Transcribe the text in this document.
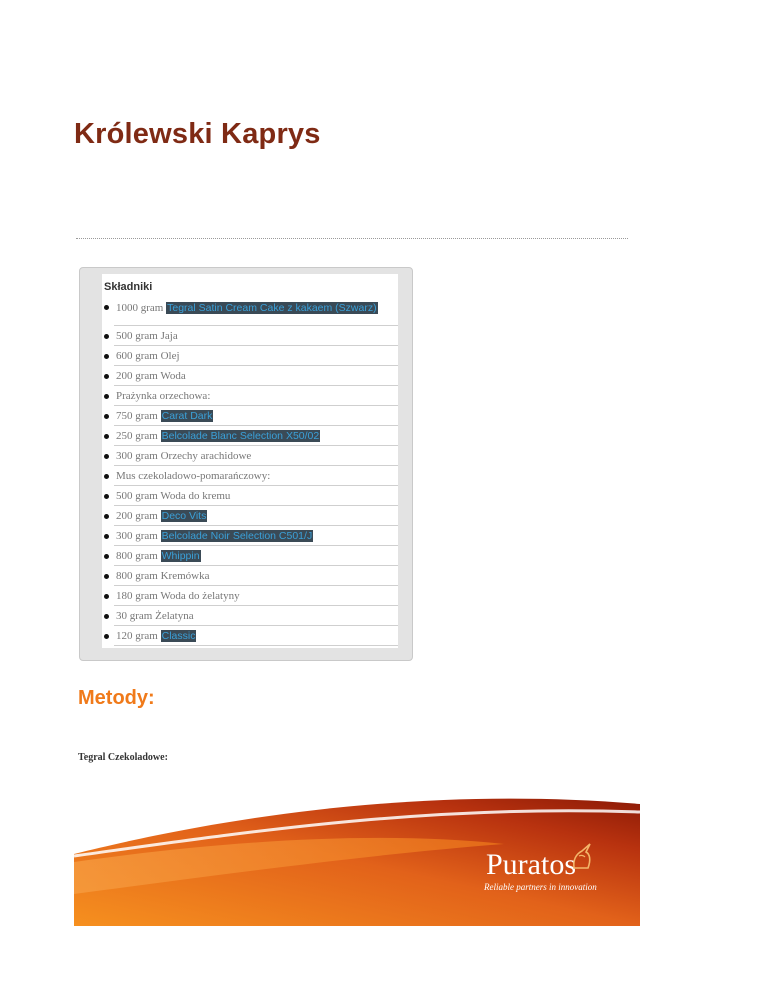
Królewski Kaprys
Składniki
1000 gram Tegral Satin Cream Cake z kakaem (Szwarz)
500 gram Jaja
600 gram Olej
200 gram Woda
Prażynka orzechowa:
750 gram Carat Dark
250 gram Belcolade Blanc Selection X50/02
300 gram Orzechy arachidowe
Mus czekoladowo-pomarańczowy:
500 gram Woda do kremu
200 gram Deco Vits
300 gram Belcolade Noir Selection C501/J
800 gram Whippin
800 gram Kremówka
180 gram Woda do żelatyny
30 gram Żelatyna
120 gram Classic
Metody:

Tegral Czekoladowe:

Puratos
Reliable partners in innovation
